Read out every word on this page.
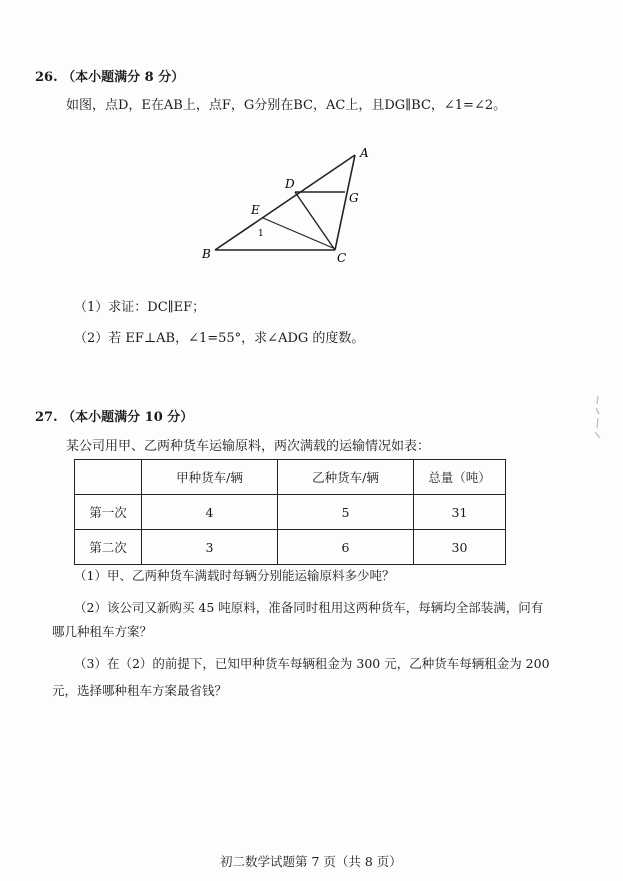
26. （本小题满分 8 分）
如图，点D，E在AB上，点F，G分别在BC，AC上，且DG∥BC，∠1=∠2。
A
B	C
D
E
G
1
（1）求证：DC∥EF；
（2）若 EF⊥AB，∠1=55°，求∠ADG 的度数。
27. （本小题满分 10 分）
某公司用甲、乙两种货车运输原料，两次满载的运输情况如表：
	甲种货车/辆	乙种货车/辆	总量（吨）
第一次	4	5	31
第二次	3	6	30
（1）甲、乙两种货车满载时每辆分别能运输原料多少吨？
（2）该公司又新购买 45 吨原料，准备同时租用这两种货车，每辆均全部装满，问有
哪几种租车方案？
（3）在（2）的前提下，已知甲种货车每辆租金为 300 元，乙种货车每辆租金为 200
元，选择哪种租车方案最省钱？
初二数学试题第 7 页（共 8 页）
